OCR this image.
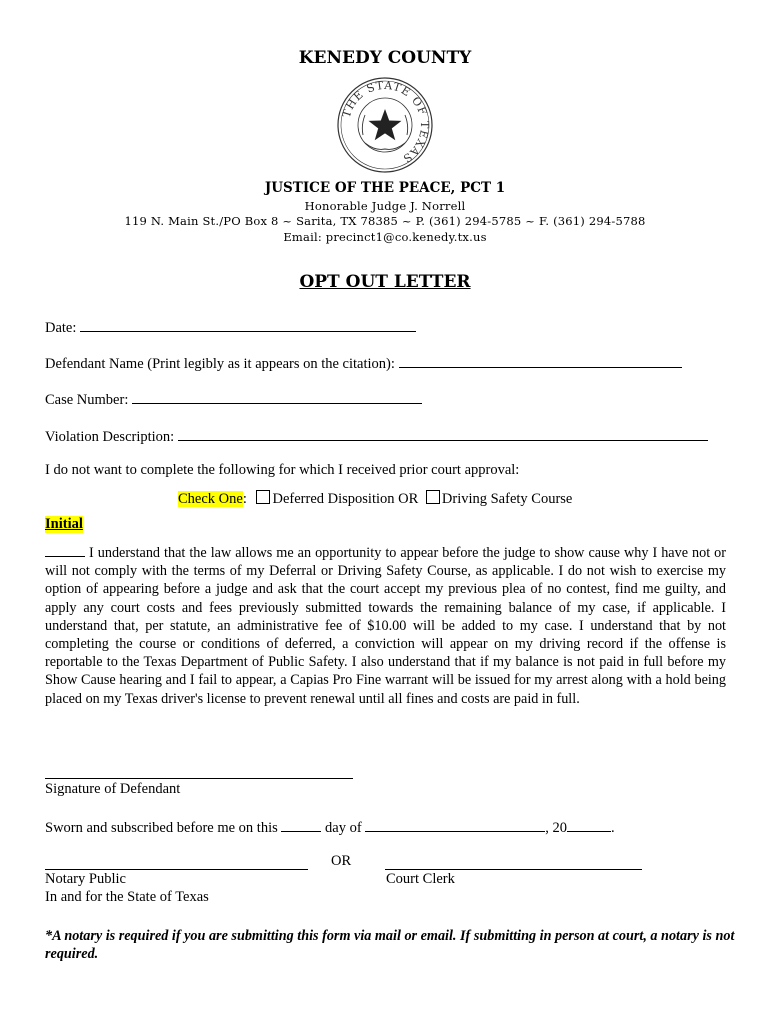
KENEDY COUNTY
THE STATE OF TEXAS
JUSTICE OF THE PEACE, PCT 1
Honorable Judge J. Norrell
119 N. Main St./PO Box 8 ~ Sarita, TX 78385 ~ P. (361) 294-5785 ~ F. (361) 294-5788
Email: precinct1@co.kenedy.tx.us
OPT OUT LETTER
Date:
Defendant Name (Print legibly as it appears on the citation):
Case Number:
Violation Description:
I do not want to complete the following for which I received prior court approval:
Check One: Deferred Disposition OR Driving Safety Course
Initial
I understand that the law allows me an opportunity to appear before the judge to show cause why I have not or will not comply with the terms of my Deferral or Driving Safety Course, as applicable. I do not wish to exercise my option of appearing before a judge and ask that the court accept my previous plea of no contest, find me guilty, and apply any court costs and fees previously submitted towards the remaining balance of my case, if applicable. I understand that, per statute, an administrative fee of $10.00 will be added to my case. I understand that by not completing the course or conditions of deferred, a conviction will appear on my driving record if the offense is reportable to the Texas Department of Public Safety. I also understand that if my balance is not paid in full before my Show Cause hearing and I fail to appear, a Capias Pro Fine warrant will be issued for my arrest along with a hold being placed on my Texas driver's license to prevent renewal until all fines and costs are paid in full.
Signature of Defendant
Sworn and subscribed before me on this	day of	, 20	.
OR
Notary Public
In and for the State of Texas
Court Clerk
*A notary is required if you are submitting this form via mail or email. If submitting in person at court, a notary is not required.
